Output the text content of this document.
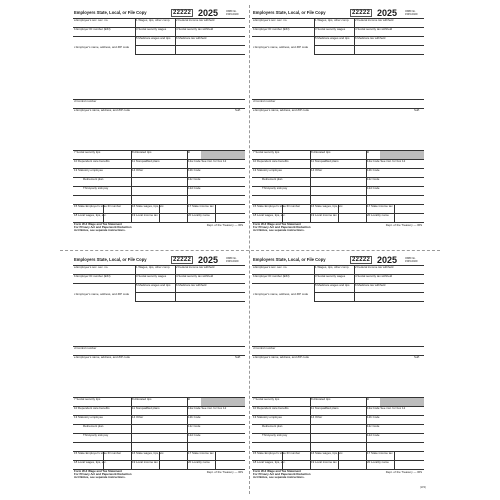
Employers State, Local, or File Copy	22222 2025	OMB No.
1545-0029
a Employee's soc. sec. no.	1 Wages, tips, other comp. 2 Federal income tax withheld
b Employer ID number (EIN)	3 Social security wages	4 Social security tax withheld
5 Medicare wages and tips 6 Medicare tax withheld
c Employer's name, address, and ZIP code
d Control number
e Employee's name, address, and ZIP code	Suff.
7 Social security tips	8 Allocated tips	9
10 Dependent care benefits	11 Nonqualified plans	12a Code See inst. for box 12
13 Statutory employee	14 Other	12b Code
Retirement plan	12c Code
Third-party sick pay	12d Code
15 State Employer's state ID number	16 State wages, tips, etc.	17 State income tax
18 Local wages, tips, etc.	19 Local income tax	20 Locality name
Form W-2 Wage and Tax Statement
For Privacy Act and Paperwork Reduction
Act Notice, see separate instructions.
Dept. of the Treasury — IRS
Employers State, Local, or File Copy	22222 2025	OMB No.
1545-0029
a Employee's soc. sec. no.	1 Wages, tips, other comp. 2 Federal income tax withheld
b Employer ID number (EIN)	3 Social security wages	4 Social security tax withheld
5 Medicare wages and tips 6 Medicare tax withheld
c Employer's name, address, and ZIP code
d Control number
e Employee's name, address, and ZIP code	Suff.
7 Social security tips	8 Allocated tips	9
10 Dependent care benefits	11 Nonqualified plans	12a Code See inst. for box 12
13 Statutory employee	14 Other	12b Code
Retirement plan	12c Code
Third-party sick pay	12d Code
15 State Employer's state ID number	16 State wages, tips, etc.	17 State income tax
18 Local wages, tips, etc.	19 Local income tax	20 Locality name
Form W-2 Wage and Tax Statement
For Privacy Act and Paperwork Reduction
Act Notice, see separate instructions.
Dept. of the Treasury — IRS
Employers State, Local, or File Copy	22222 2025	OMB No.
1545-0029
a Employee's soc. sec. no.	1 Wages, tips, other comp. 2 Federal income tax withheld
b Employer ID number (EIN)	3 Social security wages	4 Social security tax withheld
5 Medicare wages and tips 6 Medicare tax withheld
c Employer's name, address, and ZIP code
d Control number
e Employee's name, address, and ZIP code	Suff.
7 Social security tips	8 Allocated tips	9
10 Dependent care benefits	11 Nonqualified plans	12a Code See inst. for box 12
13 Statutory employee	14 Other	12b Code
Retirement plan	12c Code
Third-party sick pay	12d Code
15 State Employer's state ID number	16 State wages, tips, etc.	17 State income tax
18 Local wages, tips, etc.	19 Local income tax	20 Locality name
Form W-2 Wage and Tax Statement
For Privacy Act and Paperwork Reduction
Act Notice, see separate instructions.
Dept. of the Treasury — IRS
Employers State, Local, or File Copy	22222 2025	OMB No.
1545-0029
a Employee's soc. sec. no.	1 Wages, tips, other comp. 2 Federal income tax withheld
b Employer ID number (EIN)	3 Social security wages	4 Social security tax withheld
5 Medicare wages and tips 6 Medicare tax withheld
c Employer's name, address, and ZIP code
d Control number
e Employee's name, address, and ZIP code	Suff.
7 Social security tips	8 Allocated tips	9
10 Dependent care benefits	11 Nonqualified plans	12a Code See inst. for box 12
13 Statutory employee	14 Other	12b Code
Retirement plan	12c Code
Third-party sick pay	12d Code
15 State Employer's state ID number	16 State wages, tips, etc.	17 State income tax
18 Local wages, tips, etc.	19 Local income tax	20 Locality name
Form W-2 Wage and Tax Statement
For Privacy Act and Paperwork Reduction
Act Notice, see separate instructions.
Dept. of the Treasury — IRS
(W2)
